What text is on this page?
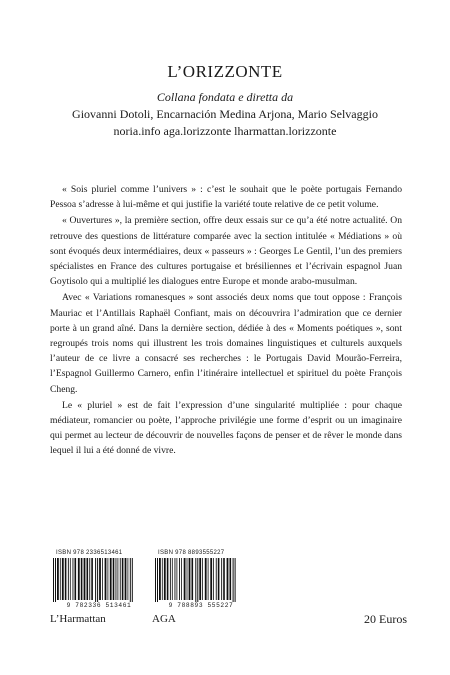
L’ORIZZONTE
Collana fondata e diretta da
Giovanni Dotoli, Encarnación Medina Arjona, Mario Selvaggio
noria.info aga.lorizzonte lharmattan.lorizzonte

« Sois pluriel comme l’univers » : c’est le souhait que le poète portugais Fernando Pessoa s’adresse à lui-même et qui justifie la variété toute relative de ce petit volume.

« Ouvertures », la première section, offre deux essais sur ce qu’a été notre actualité. On retrouve des questions de littérature comparée avec la section intitulée « Médiations » où sont évoqués deux intermédiaires, deux « passeurs » : Georges Le Gentil, l’un des premiers spécialistes en France des cultures portugaise et brésiliennes et l’écrivain espagnol Juan Goytisolo qui a multiplié les dialogues entre Europe et monde arabo-musulman.

Avec « Variations romanesques » sont associés deux noms que tout oppose : François Mauriac et l’Antillais Raphaël Confiant, mais on découvrira l’admiration que ce dernier porte à un grand aîné. Dans la dernière section, dédiée à des « Moments poétiques », sont regroupés trois noms qui illustrent les trois domaines linguistiques et culturels auxquels l’auteur de ce livre a consacré ses recherches : le Portugais David Mourão-Ferreira, l’Espagnol Guillermo Carnero, enfin l’itinéraire intellectuel et spirituel du poète François Cheng.

Le « pluriel » est de fait l’expression d’une singularité multipliée : pour chaque médiateur, romancier ou poète, l’approche privilégie une forme d’esprit ou un imaginaire qui permet au lecteur de découvrir de nouvelles façons de penser et de rêver le monde dans lequel il lui a été donné de vivre.

ISBN 978 2336513461
9 782336 513461
L’Harmattan
ISBN 978 8893555227
9 788893 555227
AGA	20 Euros
